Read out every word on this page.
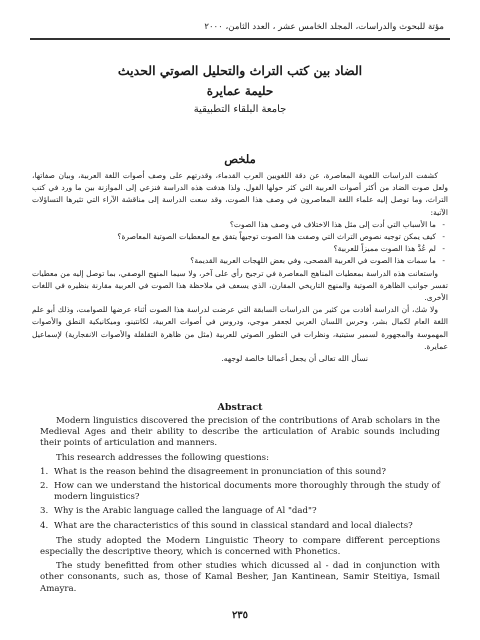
مؤتة للبحوث والدراسات، المجلد الخامس عشر ، العدد الثامن، ٢٠٠٠
الضاد بين كتب التراث والتحليل الصوتي الحديث
حليمة عمايرة
جامعة البلقاء التطبيقية
ملخص

كشفت الدراسات اللغوية المعاصرة، عن دقة اللغويين العرب القدماء، وقدرتهم على وصف أصوات اللغة العربية، وبيان صفاتها، ولعل صوت الضاد من أكثر أصوات العربية التي كثر حولها القول. ولذا هدفت هذه الدراسة فنزعي إلى الموازنة بين ما ورد في كتب التراث، وما توصل إليه علماء اللغة المعاصرون في وصف هذا الصوت، وقد سعت الدراسة إلى مناقشة الآراء التي تثيرها التساؤلات الآتية:

- ما الأسباب التي أدت إلى مثل هذا الاختلاف في وصف هذا الصوت؟
- كيف يمكن توجيه نصوص التراث التي وصفت هذا الصوت توجيهاً يتفق مع المعطيات الصوتية المعاصرة؟
- لم عُدَّ هذا الصوت مميزاً للعربية؟
- ما سمات هذا الصوت في العربية الفصحى، وفي بعض اللهجات العربية القديمة؟

واستعانت هذه الدراسة بمعطيات المناهج المعاصرة في ترجيح رأي على آخر، ولا سيما المنهج الوصفي، بما توصل إليه من معطيات تفسر جوانب الظاهرة الصوتية والمنهج التاريخي المقارن، الذي يسعف في ملاحظة هذا الصوت في العربية مقارنة بنظيره في اللغات الأخرى.

ولا شك، أن الدراسة أفادت من كثير من الدراسات السابقة التي عرضت لدراسة هذا الصوت أثناء عرضها للصوامت، وذلك أبو علم اللغة العام لكمال بشر، وحرس اللسان العربي لجعفر موجي، ودروس في أصوات العربية، لكانتينو، وميكانيكية النطق والأصوات المهموسة والمجهورة لسمير ستيتية، ونظرات في التطور الصوتي للعربية (مثل من ظاهرة التقلقلة والأصوات الانفجارية) لإسماعيل عمايرة.

نسأل الله تعالى أن يجعل أعمالنا خالصة لوجهه.

Abstract

Modern linguistics discovered the precision of the contributions of Arab scholars in the Medieval Ages and their ability to describe the articulation of Arabic sounds including their points of articulation and manners.

This research addresses the following questions:

1. What is the reason behind the disagreement in pronunciation of this sound?
2. How can we understand the historical documents more thoroughly through the study of modern linguistics?
3. Why is the Arabic language called the language of Al "dad"?
4. What are the characteristics of this sound in classical standard and local dialects?

The study adopted the Modern Linguistic Theory to compare different perceptions especially the descriptive theory, which is concerned with Phonetics.

The study benefitted from other studies which dicussed al - dad in conjunction with other consonants, such as, those of Kamal Besher, Jan Kantinean, Samir Steitiya, Ismail Amayra.

٢٣٥
